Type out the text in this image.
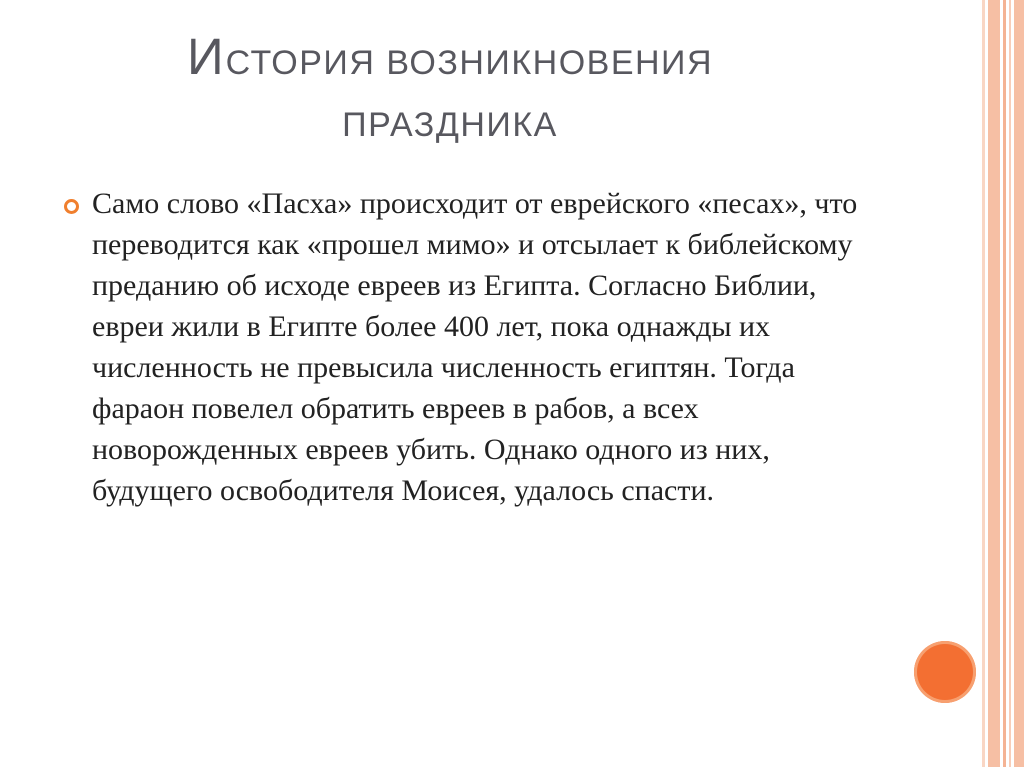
ИСТОРИЯ ВОЗНИКНОВЕНИЯ
ПРАЗДНИКА
Само слово «Пасха» происходит от еврейского «песах», что переводится как «прошел мимо» и отсылает к библейскому преданию об исходе евреев из Египта. Согласно Библии, евреи жили в Египте более 400 лет, пока однажды их численность не превысила численность египтян. Тогда фараон повелел обратить евреев в рабов, а всех новорожденных евреев убить. Однако одного из них, будущего освободителя Моисея, удалось спасти.
